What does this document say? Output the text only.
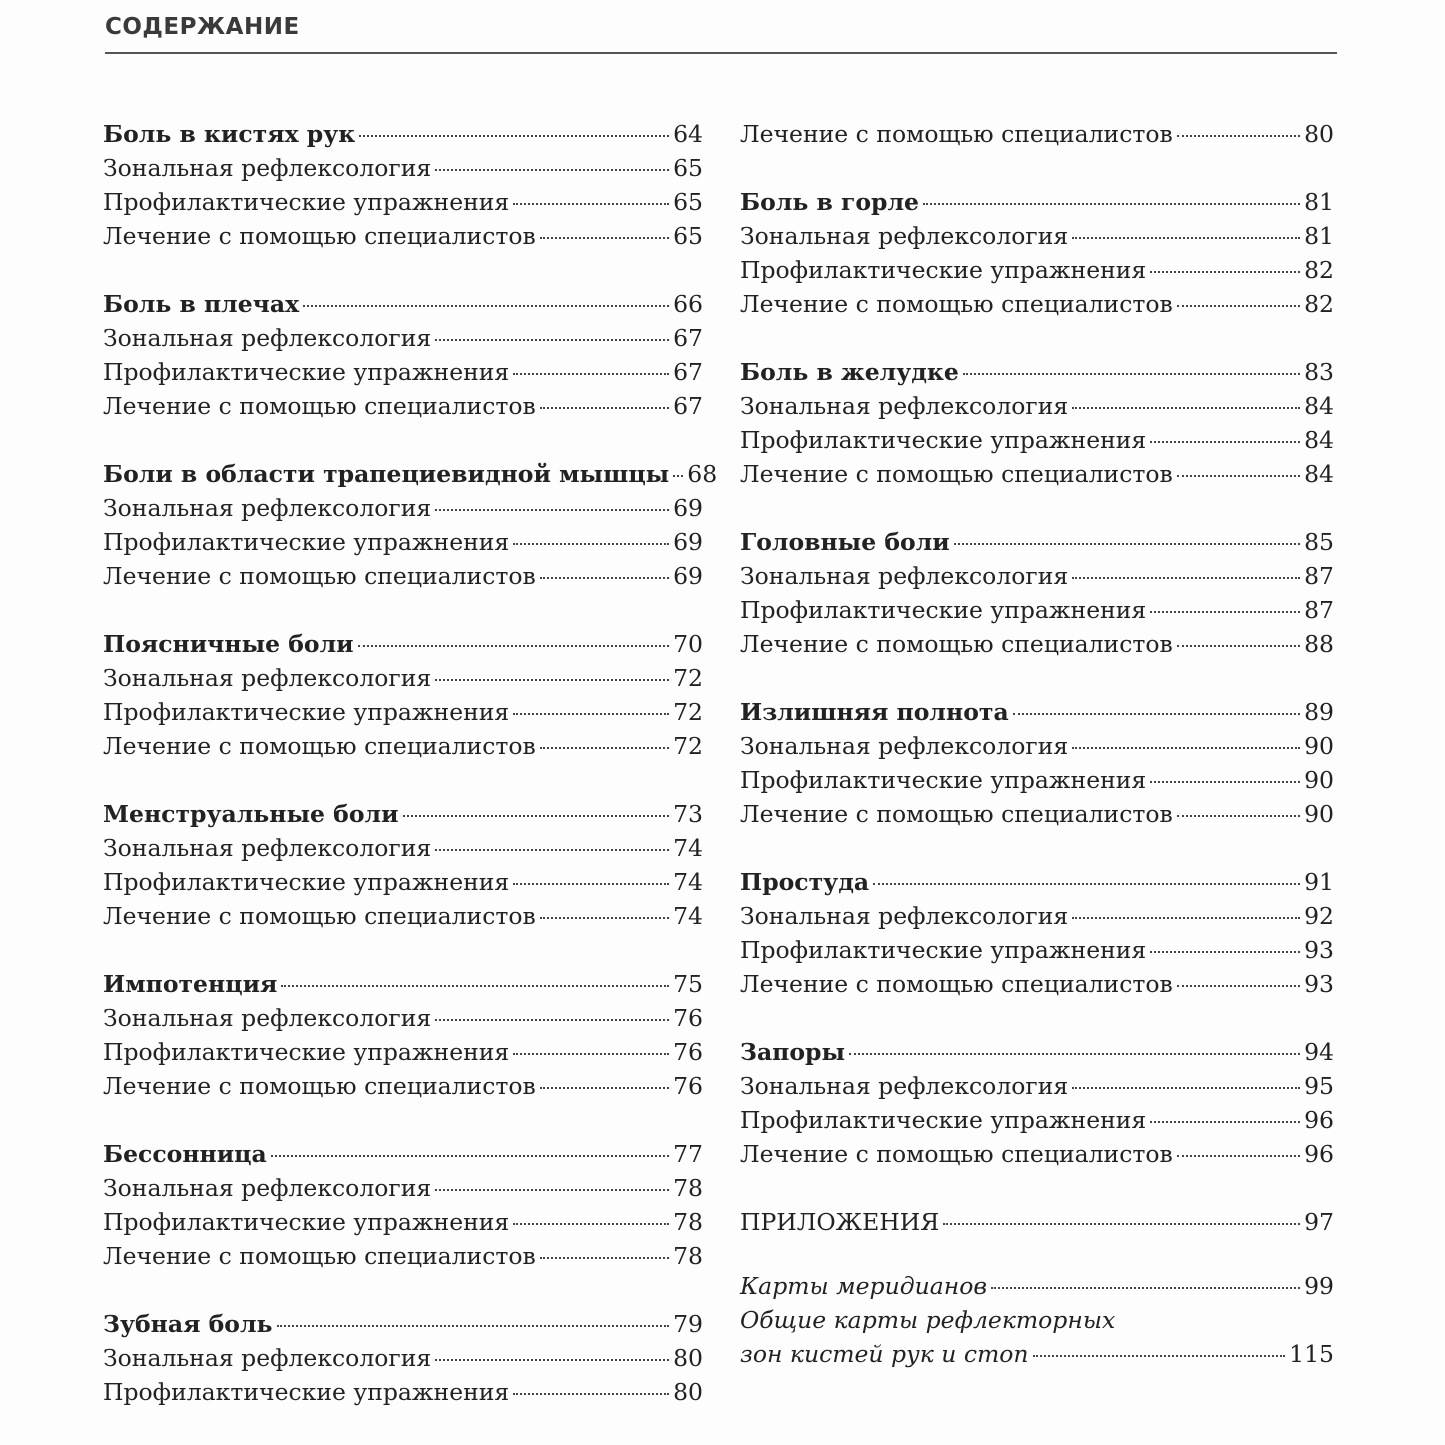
СОДЕРЖАНИЕ
Боль в кистях рук	64
Зональная рефлексология	65
Профилактические упражнения	65
Лечение с помощью специалистов	65
Боль в плечах	66
Зональная рефлексология	67
Профилактические упражнения	67
Лечение с помощью специалистов	67
Боли в области трапециевидной мышцы 68
Зональная рефлексология	69
Профилактические упражнения	69
Лечение с помощью специалистов	69
Поясничные боли	70
Зональная рефлексология	72
Профилактические упражнения	72
Лечение с помощью специалистов	72
Менструальные боли	73
Зональная рефлексология	74
Профилактические упражнения	74
Лечение с помощью специалистов	74
Импотенция	75
Зональная рефлексология	76
Профилактические упражнения	76
Лечение с помощью специалистов	76
Бессонница	77
Зональная рефлексология	78
Профилактические упражнения	78
Лечение с помощью специалистов	78
Зубная боль	79
Зональная рефлексология	80
Профилактические упражнения	80
Лечение с помощью специалистов	80
Боль в горле	81
Зональная рефлексология	81
Профилактические упражнения	82
Лечение с помощью специалистов	82
Боль в желудке	83
Зональная рефлексология	84
Профилактические упражнения	84
Лечение с помощью специалистов	84
Головные боли	85
Зональная рефлексология	87
Профилактические упражнения	87
Лечение с помощью специалистов	88
Излишняя полнота	89
Зональная рефлексология	90
Профилактические упражнения	90
Лечение с помощью специалистов	90
Простуда	91
Зональная рефлексология	92
Профилактические упражнения	93
Лечение с помощью специалистов	93
Запоры	94
Зональная рефлексология	95
Профилактические упражнения	96
Лечение с помощью специалистов	96
ПРИЛОЖЕНИЯ	97
Карты меридианов	99
Общие карты рефлекторных
зон кистей рук и стоп	115
